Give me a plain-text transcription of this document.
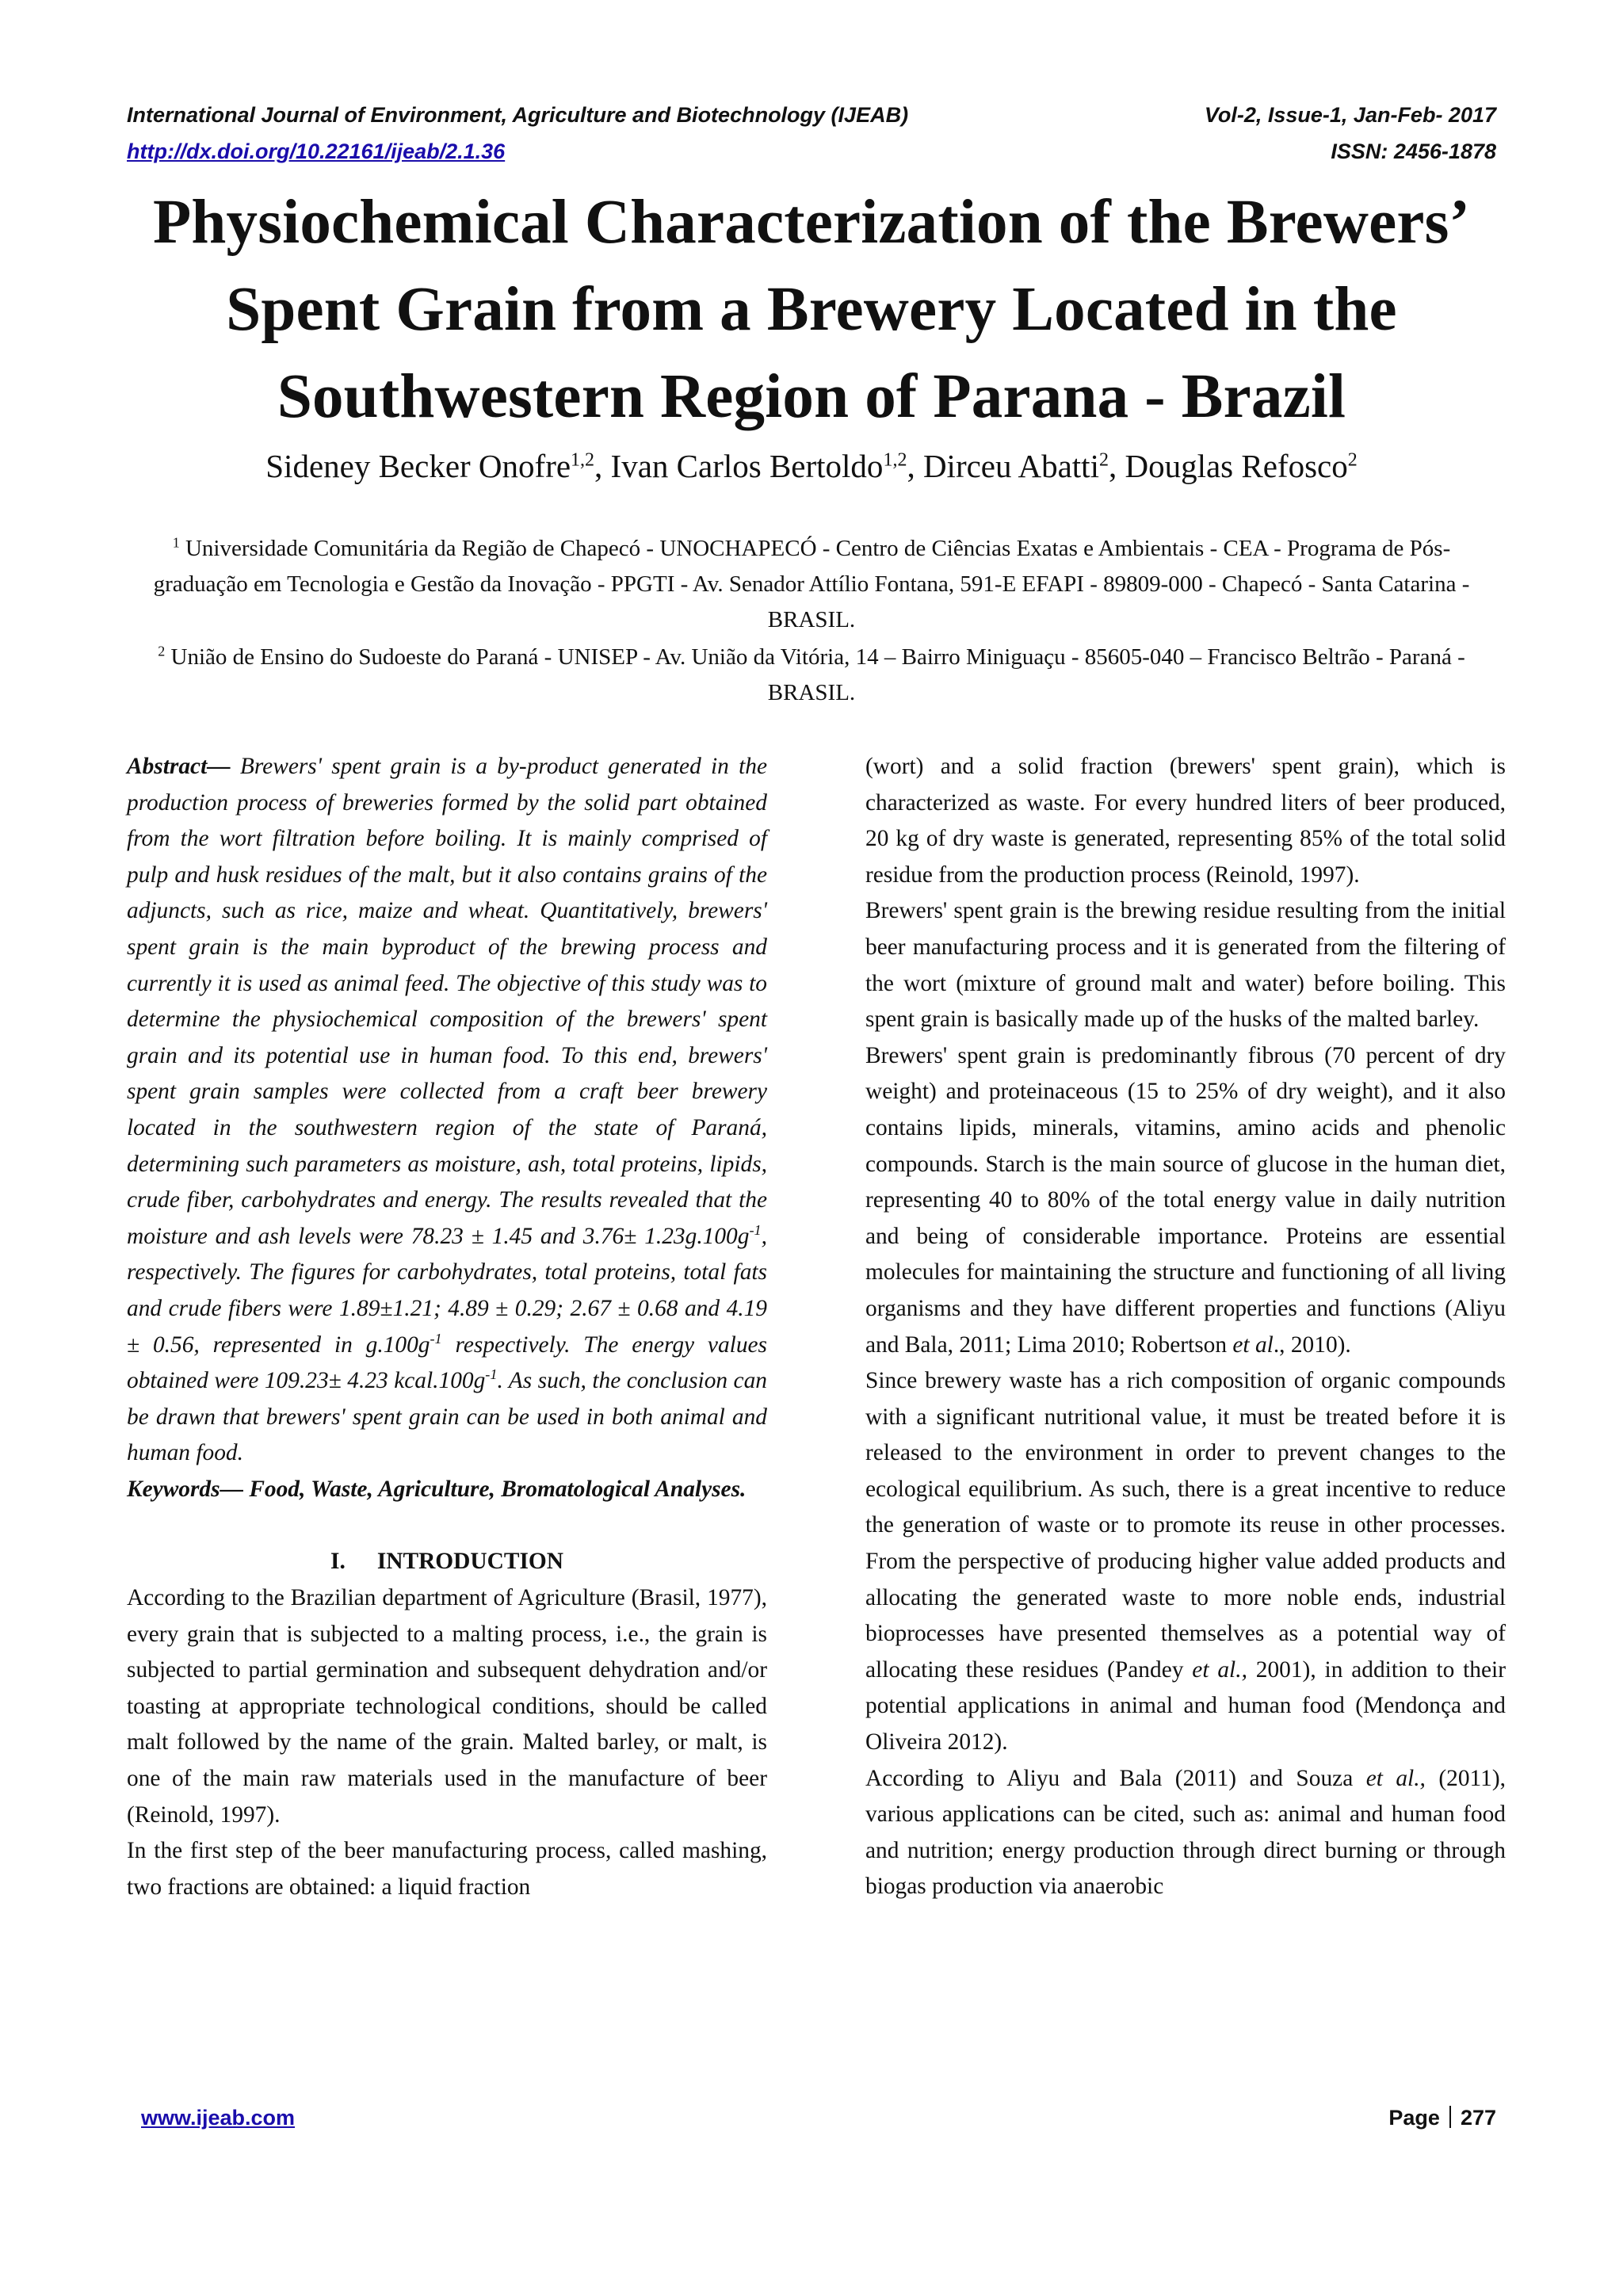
International Journal of Environment, Agriculture and Biotechnology (IJEAB)	Vol-2, Issue-1, Jan-Feb- 2017
http://dx.doi.org/10.22161/ijeab/2.1.36	ISSN: 2456-1878
Physiochemical Characterization of the Brewers’
Spent Grain from a Brewery Located in the
Southwestern Region of Parana - Brazil

Sideney Becker Onofre$^{1,2}$, Ivan Carlos Bertoldo$^{1,2}$, Dirceu Abatti$^2$, Douglas Refosco$^2$

$^1$ Universidade Comunitária da Região de Chapecó - UNOCHAPECÓ - Centro de Ciências Exatas e Ambientais - CEA - Programa de Pós-graduação em Tecnologia e Gestão da Inovação - PPGTI - Av. Senador Attílio Fontana, 591-E EFAPI - 89809-000 - Chapecó - Santa Catarina - BRASIL.

$^2$ União de Ensino do Sudoeste do Paraná - UNISEP - Av. União da Vitória, 14 – Bairro Miniguaçu - 85605-040 – Francisco Beltrão - Paraná - BRASIL.

Abstract— Brewers' spent grain is a by-product generated in the production process of breweries formed by the solid part obtained from the wort filtration before boiling. It is mainly comprised of pulp and husk residues of the malt, but it also contains grains of the adjuncts, such as rice, maize and wheat. Quantitatively, brewers' spent grain is the main byproduct of the brewing process and currently it is used as animal feed. The objective of this study was to determine the physiochemical composition of the brewers' spent grain and its potential use in human food. To this end, brewers' spent grain samples were collected from a craft beer brewery located in the southwestern region of the state of Paraná, determining such parameters as moisture, ash, total proteins, lipids, crude fiber, carbohydrates and energy. The results revealed that the moisture and ash levels were 78.23 ± 1.45 and $3.76\pm 1.23g.100g^{-1}$, respectively. The figures for carbohydrates, total proteins, total fats and crude fibers were 1.89±1.21; 4.89 ± 0.29; 2.67 ± 0.68 and 4.19 ± 0.56, represented in $g.100g^{-1}$ respectively. The energy values obtained were 109.23± 4.23 $kcal.100g^{-1}$. As such, the conclusion can be drawn that brewers' spent grain can be used in both animal and human food.

Keywords— Food, Waste, Agriculture, Bromatological Analyses.

I. INTRODUCTION

According to the Brazilian department of Agriculture (Brasil, 1977), every grain that is subjected to a malting process, i.e., the grain is subjected to partial germination and subsequent dehydration and/or toasting at appropriate technological conditions, should be called malt followed by the name of the grain. Malted barley, or malt, is one of the main raw materials used in the manufacture of beer (Reinold, 1997).

In the first step of the beer manufacturing process, called mashing, two fractions are obtained: a liquid fraction

(wort) and a solid fraction (brewers' spent grain), which is characterized as waste. For every hundred liters of beer produced, 20 kg of dry waste is generated, representing 85% of the total solid residue from the production process (Reinold, 1997).

Brewers' spent grain is the brewing residue resulting from the initial beer manufacturing process and it is generated from the filtering of the wort (mixture of ground malt and water) before boiling. This spent grain is basically made up of the husks of the malted barley.

Brewers' spent grain is predominantly fibrous (70 percent of dry weight) and proteinaceous (15 to 25% of dry weight), and it also contains lipids, minerals, vitamins, amino acids and phenolic compounds. Starch is the main source of glucose in the human diet, representing 40 to 80% of the total energy value in daily nutrition and being of considerable importance. Proteins are essential molecules for maintaining the structure and functioning of all living organisms and they have different properties and functions (Aliyu and Bala, 2011; Lima 2010; Robertson et al., 2010).

Since brewery waste has a rich composition of organic compounds with a significant nutritional value, it must be treated before it is released to the environment in order to prevent changes to the ecological equilibrium. As such, there is a great incentive to reduce the generation of waste or to promote its reuse in other processes. From the perspective of producing higher value added products and allocating the generated waste to more noble ends, industrial bioprocesses have presented themselves as a potential way of allocating these residues (Pandey et al., 2001), in addition to their potential applications in animal and human food (Mendonça and Oliveira 2012).

According to Aliyu and Bala (2011) and Souza et al., (2011), various applications can be cited, such as: animal and human food and nutrition; energy production through direct burning or through biogas production via anaerobic

www.ijeab.com	Page 277
